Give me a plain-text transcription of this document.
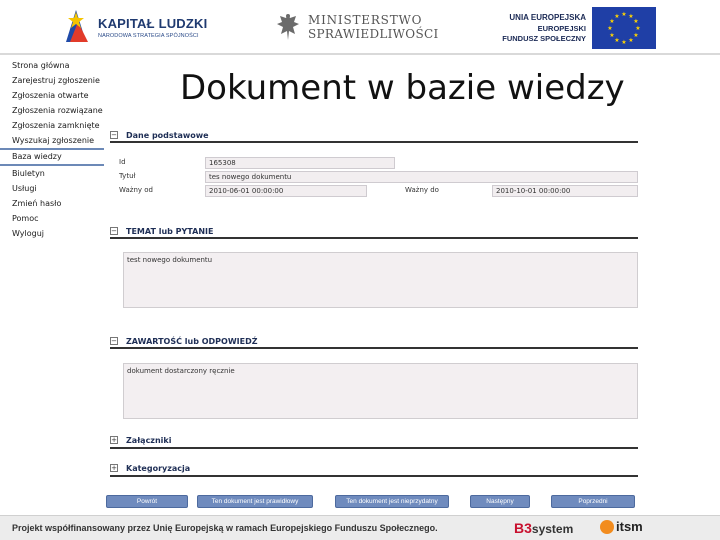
KAPITAŁ LUDZKI
NARODOWA STRATEGIA SPÓJNOŚCI
MINISTERSTWO
SPRAWIEDLIWOŚCI
UNIA EUROPEJSKA
EUROPEJSKI
FUNDUSZ SPOŁECZNY
★ ★
★
★
★
★
★
★
★
★
★
★
Strona główna
Zarejestruj zgłoszenie
Zgłoszenia otwarte
Zgłoszenia rozwiązane
Zgłoszenia zamknięte
Wyszukaj zgłoszenie
Baza wiedzy
Biuletyn
Usługi
Zmień hasło
Pomoc
Wyloguj
Dokument w bazie wiedzy
− Dane podstawowe
Id	165308
Tytuł	tes nowego dokumentu
Ważny od	2010-06-01 00:00:00	Ważny do	2010-10-01 00:00:00
− TEMAT lub PYTANIE
test nowego dokumentu
− ZAWARTOŚĆ lub ODPOWIEDŹ
dokument dostarczony ręcznie
+ Załączniki
+ Kategoryzacja
Powrót	Ten dokument jest prawidłowy	Ten dokument jest nieprzydatny	Następny	Poprzedni
Projekt współfinansowany przez Unię Europejską w ramach Europejskiego Funduszu Społecznego.	B3system	itsm
